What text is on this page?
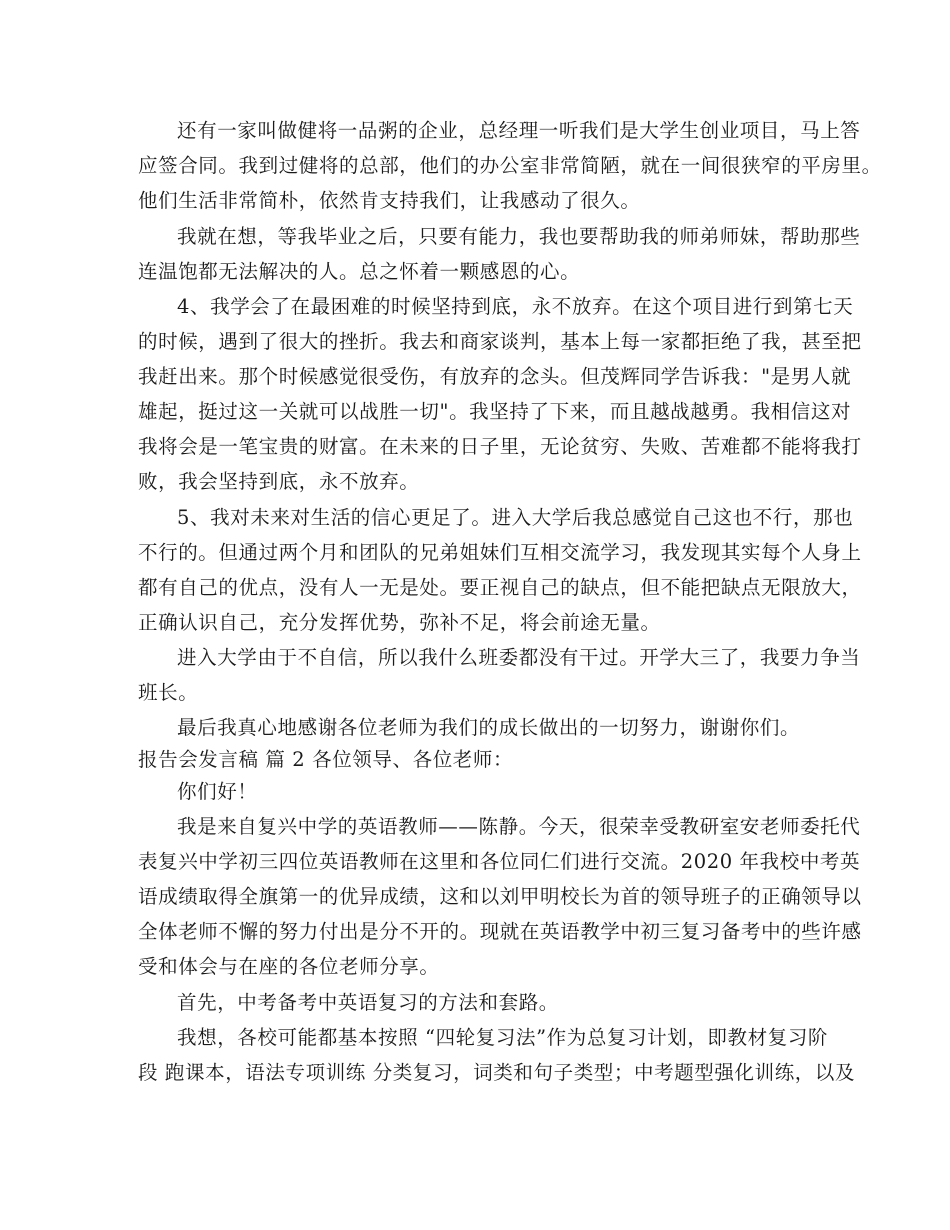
还有一家叫做健将一品粥的企业，总经理一听我们是大学生创业项目，马上答
应签合同。我到过健将的总部，他们的办公室非常简陋，就在一间很狭窄的平房里。
他们生活非常简朴，依然肯支持我们，让我感动了很久。
我就在想，等我毕业之后，只要有能力，我也要帮助我的师弟师妹，帮助那些
连温饱都无法解决的人。总之怀着一颗感恩的心。
4、我学会了在最困难的时候坚持到底，永不放弃。在这个项目进行到第七天
的时候，遇到了很大的挫折。我去和商家谈判，基本上每一家都拒绝了我，甚至把
我赶出来。那个时候感觉很受伤，有放弃的念头。但茂辉同学告诉我："是男人就
雄起，挺过这一关就可以战胜一切"。我坚持了下来，而且越战越勇。我相信这对
我将会是一笔宝贵的财富。在未来的日子里，无论贫穷、失败、苦难都不能将我打
败，我会坚持到底，永不放弃。
5、我对未来对生活的信心更足了。进入大学后我总感觉自己这也不行，那也
不行的。但通过两个月和团队的兄弟姐妹们互相交流学习，我发现其实每个人身上
都有自己的优点，没有人一无是处。要正视自己的缺点，但不能把缺点无限放大，
正确认识自己，充分发挥优势，弥补不足，将会前途无量。
进入大学由于不自信，所以我什么班委都没有干过。开学大三了，我要力争当
班长。
最后我真心地感谢各位老师为我们的成长做出的一切努力，谢谢你们。
报告会发言稿 篇 2 各位领导、各位老师：
你们好！
我是来自复兴中学的英语教师——陈静。今天，很荣幸受教研室安老师委托代
表复兴中学初三四位英语教师在这里和各位同仁们进行交流。2020 年我校中考英
语成绩取得全旗第一的优异成绩，这和以刘甲明校长为首的领导班子的正确领导以
全体老师不懈的努力付出是分不开的。现就在英语教学中初三复习备考中的些许感
受和体会与在座的各位老师分享。
首先，中考备考中英语复习的方法和套路。
我想，各校可能都基本按照 “四轮复习法”作为总复习计划，即教材复习阶
段 跑课本，语法专项训练 分类复习，词类和句子类型；中考题型强化训练，以及
